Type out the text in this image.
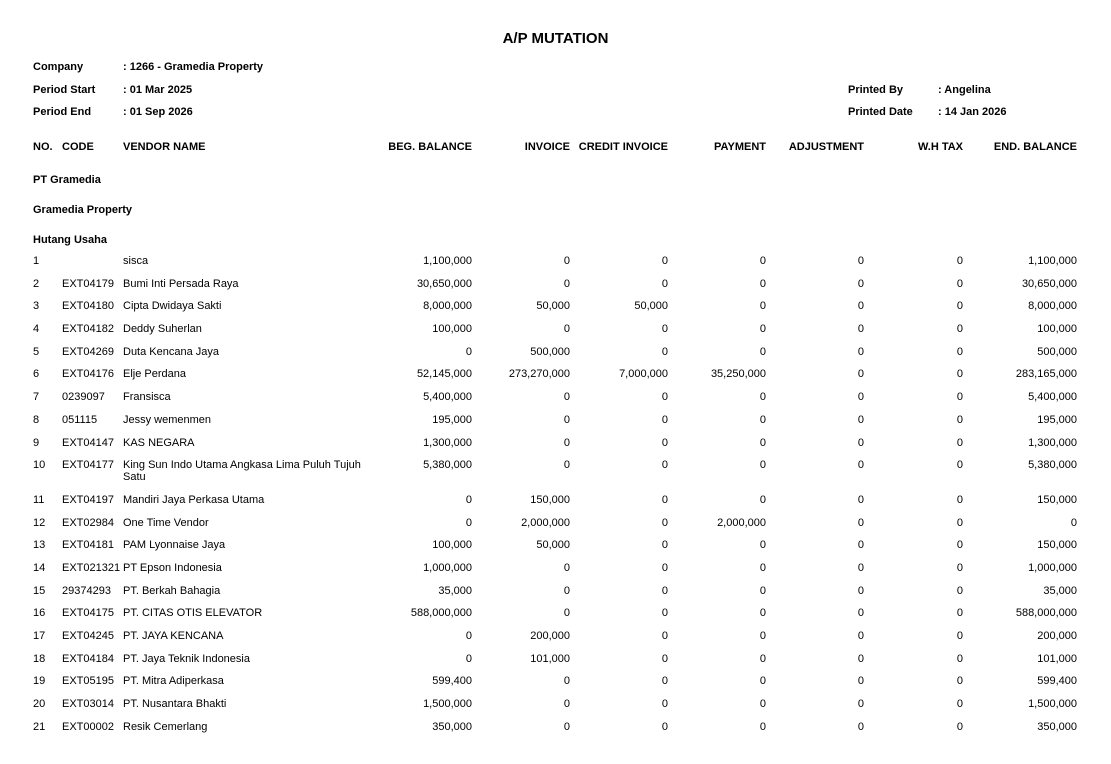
A/P MUTATION
Company	: 1266 - Gramedia Property
Period Start	: 01 Mar 2025
Period End	: 01 Sep 2026
Printed By	: Angelina
Printed Date	: 14 Jan 2026
NO.	CODE	VENDOR NAME	BEG. BALANCE	INVOICE	CREDIT INVOICE	PAYMENT	ADJUSTMENT	W.H TAX	END. BALANCE
PT Gramedia									
Gramedia Property									
Hutang Usaha									
1		sisca	1,100,000	0	0	0	0	0	1,100,000
2	EXT04179	Bumi Inti Persada Raya	30,650,000	0	0	0	0	0	30,650,000
3	EXT04180	Cipta Dwidaya Sakti	8,000,000	50,000	50,000	0	0	0	8,000,000
4	EXT04182	Deddy Suherlan	100,000	0	0	0	0	0	100,000
5	EXT04269	Duta Kencana Jaya	0	500,000	0	0	0	0	500,000
6	EXT04176	Elje Perdana	52,145,000	273,270,000	7,000,000	35,250,000	0	0	283,165,000
7	0239097	Fransisca	5,400,000	0	0	0	0	0	5,400,000
8	051115	Jessy wemenmen	195,000	0	0	0	0	0	195,000
9	EXT04147	KAS NEGARA	1,300,000	0	0	0	0	0	1,300,000
10	EXT04177	King Sun Indo Utama Angkasa Lima Puluh Tujuh Satu	5,380,000	0	0	0	0	0	5,380,000
11	EXT04197	Mandiri Jaya Perkasa Utama	0	150,000	0	0	0	0	150,000
12	EXT02984	One Time Vendor	0	2,000,000	0	2,000,000	0	0	0
13	EXT04181	PAM Lyonnaise Jaya	100,000	50,000	0	0	0	0	150,000
14	EXT021321	PT Epson Indonesia	1,000,000	0	0	0	0	0	1,000,000
15	29374293	PT. Berkah Bahagia	35,000	0	0	0	0	0	35,000
16	EXT04175	PT. CITAS OTIS ELEVATOR	588,000,000	0	0	0	0	0	588,000,000
17	EXT04245	PT. JAYA KENCANA	0	200,000	0	0	0	0	200,000
18	EXT04184	PT. Jaya Teknik Indonesia	0	101,000	0	0	0	0	101,000
19	EXT05195	PT. Mitra Adiperkasa	599,400	0	0	0	0	0	599,400
20	EXT03014	PT. Nusantara Bhakti	1,500,000	0	0	0	0	0	1,500,000
21	EXT00002	Resik Cemerlang	350,000	0	0	0	0	0	350,000
